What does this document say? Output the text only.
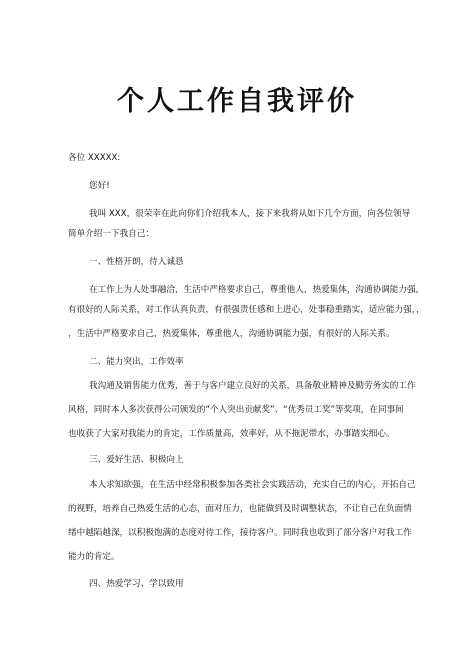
个人工作自我评价

各位 XXXXX:

您好!

我叫 XXX，很荣幸在此向你们介绍我本人，接下来我将从如下几个方面，向各位领导

简单介绍一下我自己：

一、性格开朗，待人诚恳

在工作上为人处事融洽，生活中严格要求自己，尊重他人，热爱集体，沟通协调能力强，

有很好的人际关系，对工作认真负责，有很强责任感和上进心，处事稳重踏实，适应能力强，，

，生活中严格要求自己，热爱集体，尊重他人，沟通协调能力强，有很好的人际关系。

二、能力突出，工作效率

我沟通及销售能力优秀，善于与客户建立良好的关系，具备敬业精神及勤劳务实的工作

风格，同时本人多次获得公司颁发的“个人突出贡献奖”、“优秀员工奖”等奖项，在同事间

也收获了大家对我能力的肯定，工作质量高，效率好，从不拖泥带水，办事踏实细心。

三、爱好生活、积极向上

本人求知欲强，在生活中经常积极参加各类社会实践活动，充实自己的内心，开拓自己

的视野，培养自己热爱生活的心态，面对压力，也能做到及时调整状态，不让自己在负面情

绪中越陷越深，以积极饱满的态度对待工作，接待客户。同时我也收到了部分客户对我工作

能力的肯定。

四、热爱学习、学以致用
